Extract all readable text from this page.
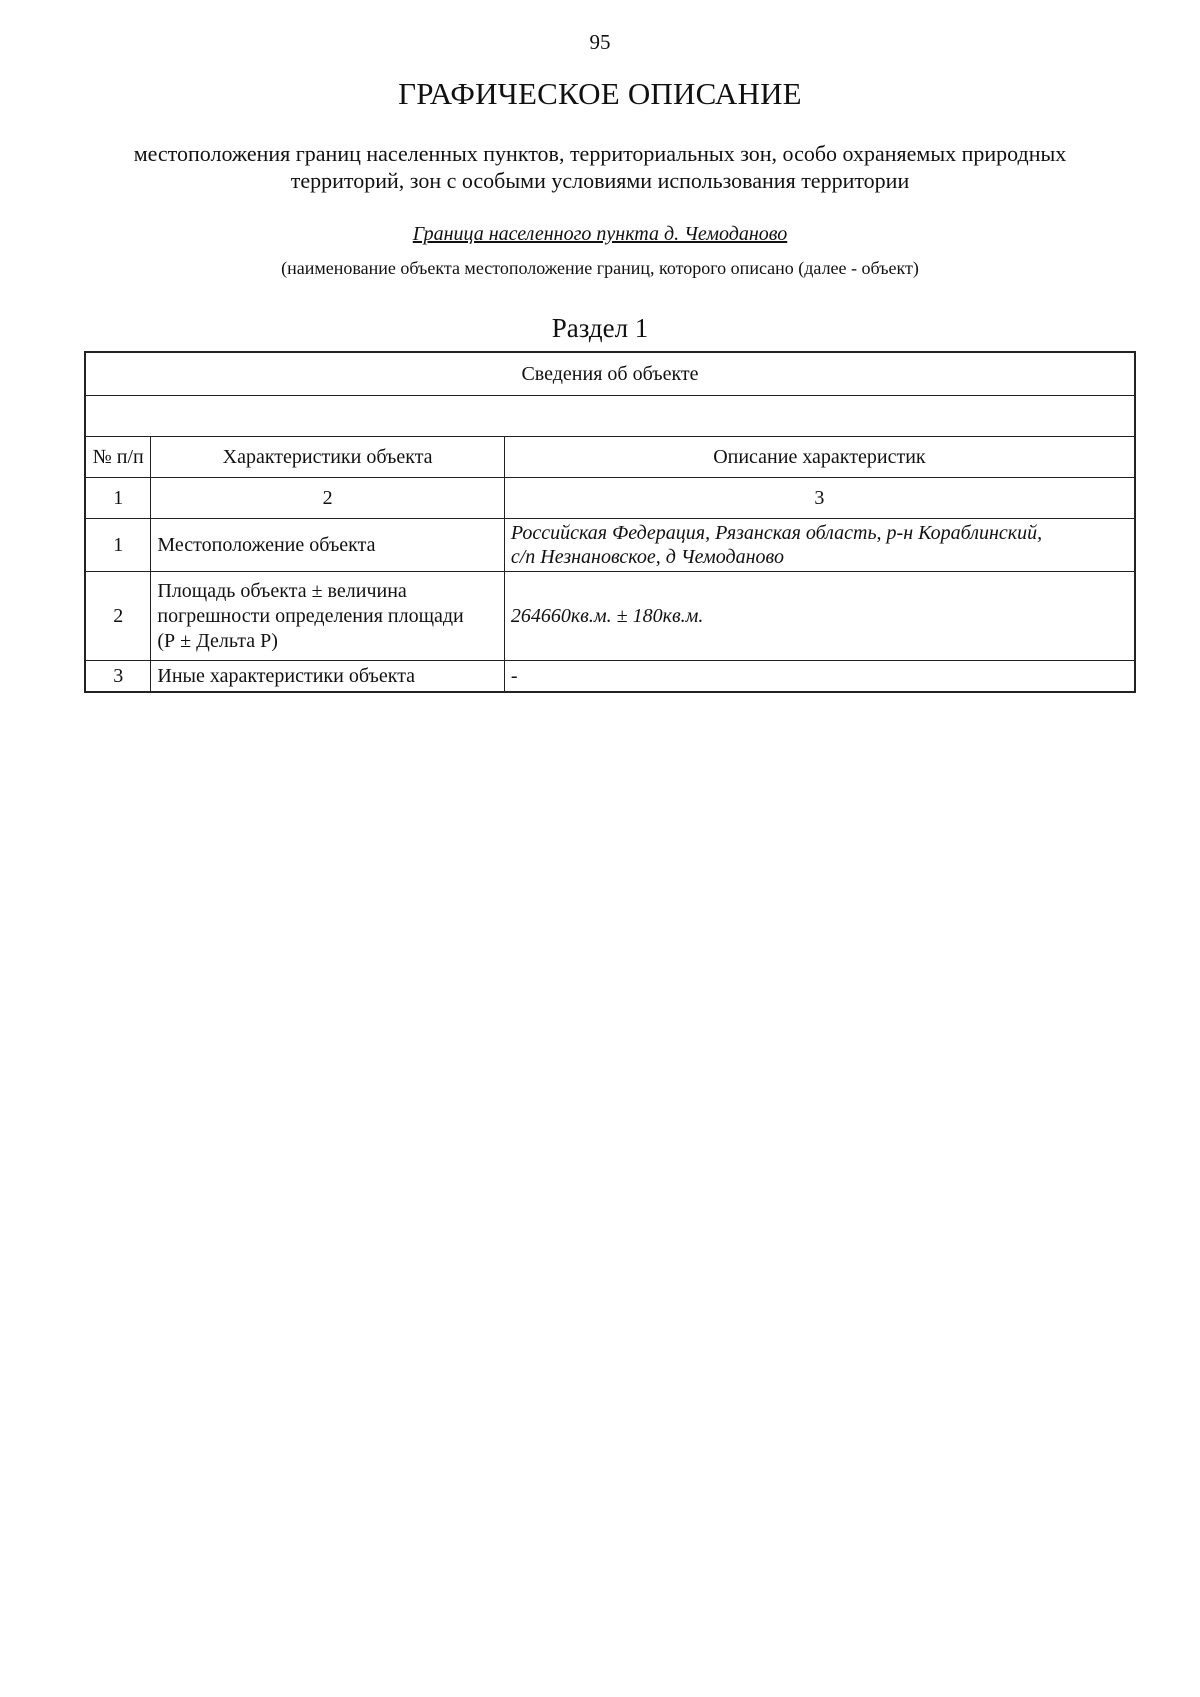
95
ГРАФИЧЕСКОЕ ОПИСАНИЕ
местоположения границ населенных пунктов, территориальных зон, особо охраняемых природных
территорий, зон с особыми условиями использования территории
Граница населенного пункта д. Чемоданово
(наименование объекта местоположение границ, которого описано (далее - объект)
Раздел 1
Сведения об объекте		

№ п/п	Характеристики объекта	Описание характеристик
1	2	3
1	Местоположение объекта	Российская Федерация, Рязанская область, р-н Кораблинский,
с/п Незнановское, д Чемоданово

2	Площадь объекта ± величина
погрешности определения площади
(Р ± Дельта Р)	264660кв.м. ± 180кв.м.
3	Иные характеристики объекта	-
